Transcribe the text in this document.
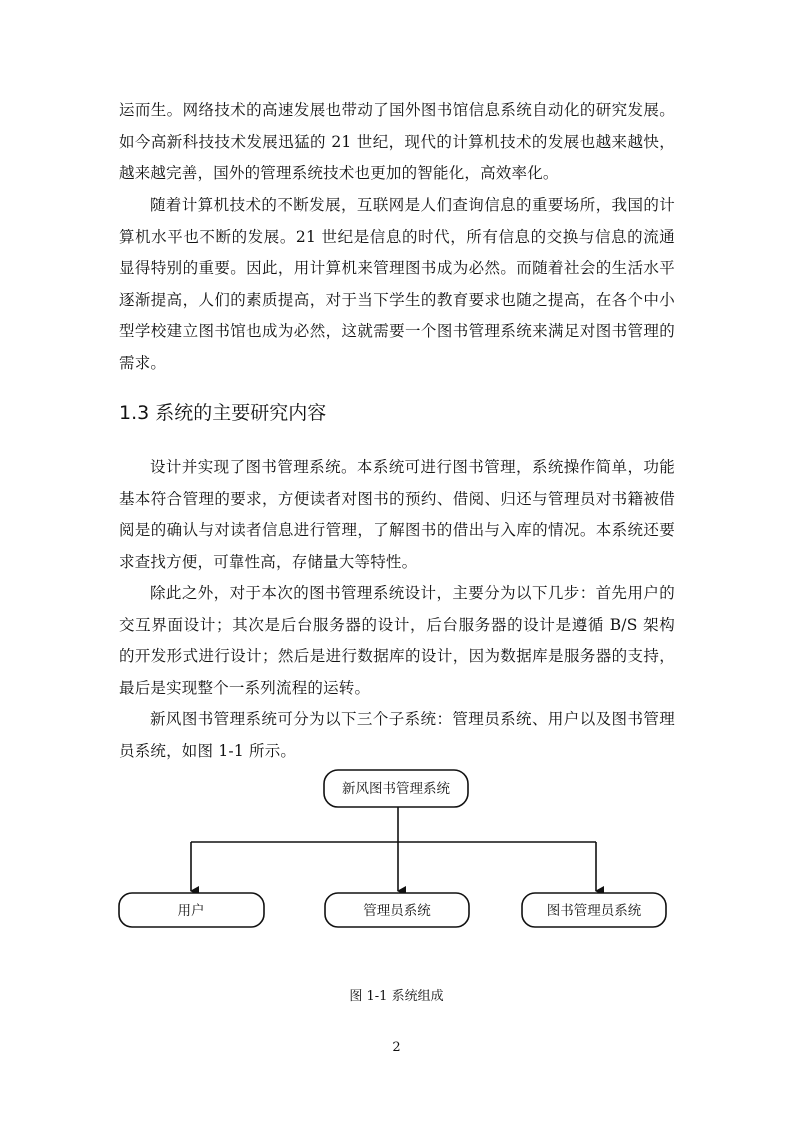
运而生。网络技术的高速发展也带动了国外图书馆信息系统自动化的研究发展。如今高新科技技术发展迅猛的 21 世纪，现代的计算机技术的发展也越来越快，越来越完善，国外的管理系统技术也更加的智能化，高效率化。

随着计算机技术的不断发展，互联网是人们查询信息的重要场所，我国的计算机水平也不断的发展。21 世纪是信息的时代，所有信息的交换与信息的流通显得特别的重要。因此，用计算机来管理图书成为必然。而随着社会的生活水平逐渐提高，人们的素质提高，对于当下学生的教育要求也随之提高，在各个中小型学校建立图书馆也成为必然，这就需要一个图书管理系统来满足对图书管理的需求。

1.3 系统的主要研究内容

设计并实现了图书管理系统。本系统可进行图书管理，系统操作简单，功能基本符合管理的要求，方便读者对图书的预约、借阅、归还与管理员对书籍被借阅是的确认与对读者信息进行管理，了解图书的借出与入库的情况。本系统还要求查找方便，可靠性高，存储量大等特性。

除此之外，对于本次的图书管理系统设计，主要分为以下几步：首先用户的交互界面设计；其次是后台服务器的设计，后台服务器的设计是遵循 B/S 架构的开发形式进行设计；然后是进行数据库的设计，因为数据库是服务器的支持，最后是实现整个一系列流程的运转。

新风图书管理系统可分为以下三个子系统：管理员系统、用户以及图书管理员系统，如图 1-1 所示。

新风图书管理系统
用户	管理员系统	图书管理员系统

图 1-1 系统组成

2
